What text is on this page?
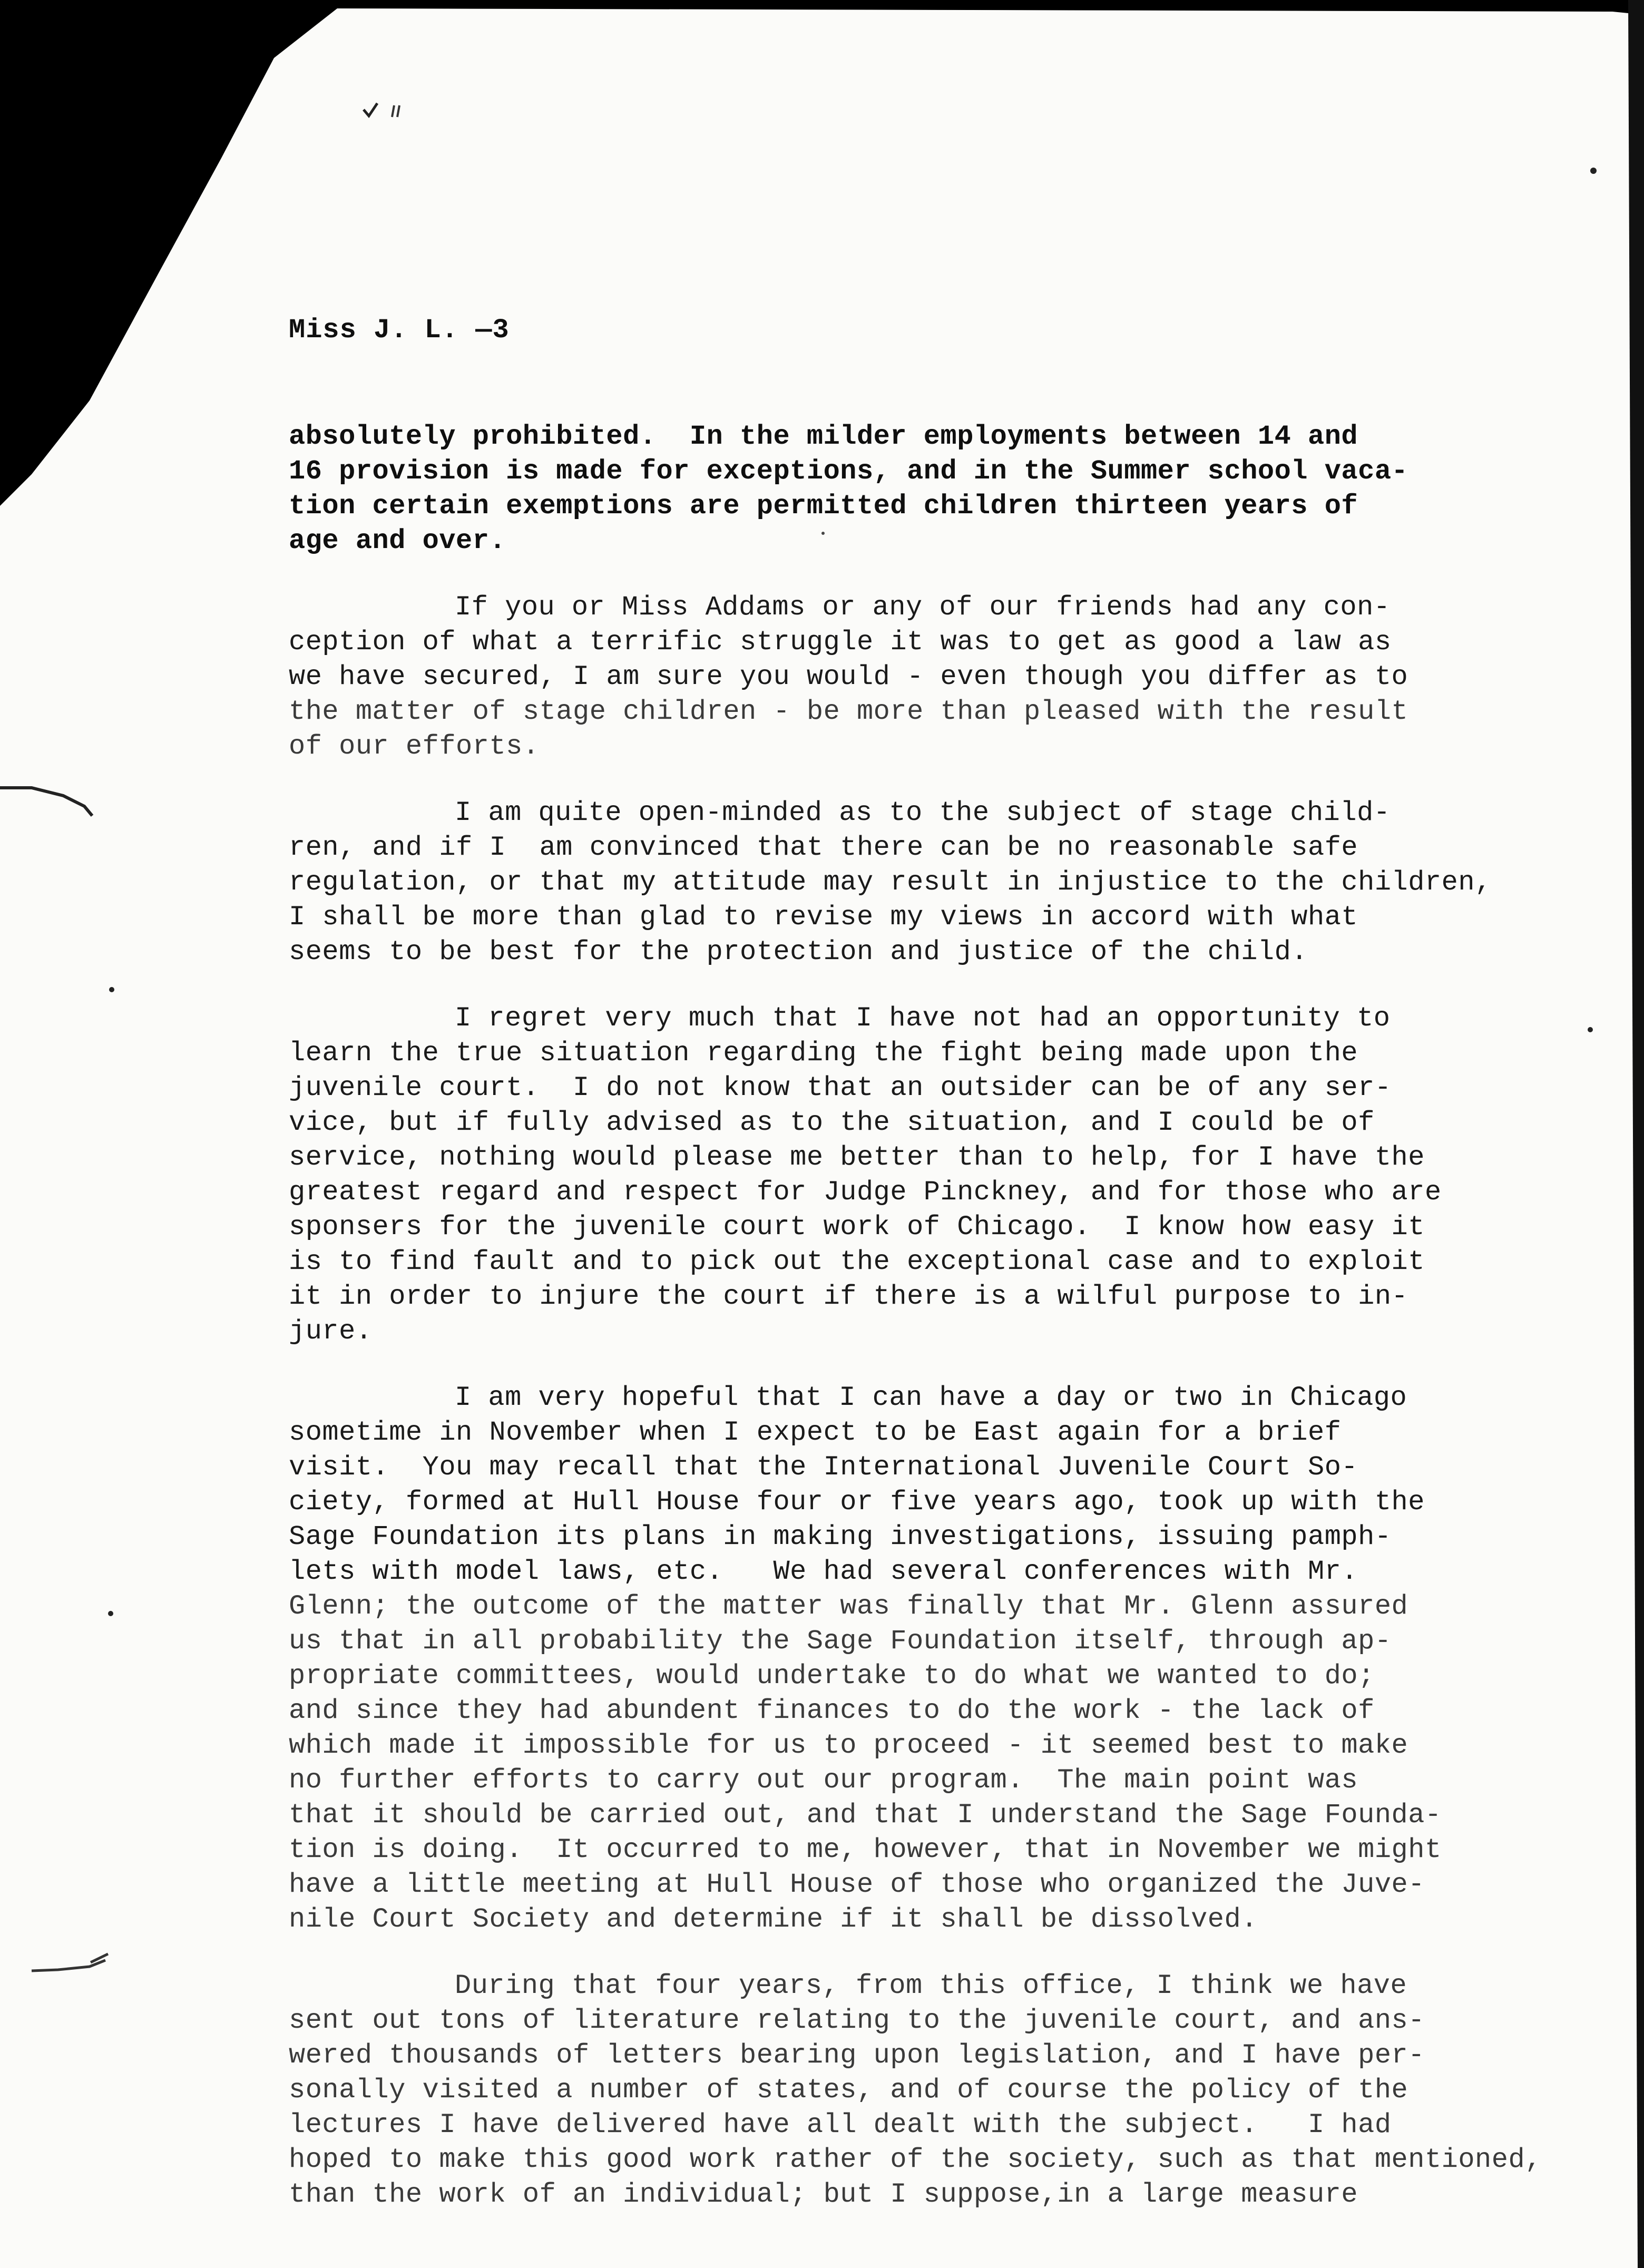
Miss J. L. —3

absolutely prohibited.  In the milder employments between 14 and
16 provision is made for exceptions, and in the Summer school vaca-
tion certain exemptions are permitted children thirteen years of
age and over.
If you or Miss Addams or any of our friends had any con-
ception of what a terrific struggle it was to get as good a law as
we have secured, I am sure you would - even though you differ as to
the matter of stage children - be more than pleased with the result
of our efforts.
I am quite open-minded as to the subject of stage child-
ren, and if I  am convinced that there can be no reasonable safe
regulation, or that my attitude may result in injustice to the children,
I shall be more than glad to revise my views in accord with what
seems to be best for the protection and justice of the child.
I regret very much that I have not had an opportunity to
learn the true situation regarding the fight being made upon the
juvenile court.  I do not know that an outsider can be of any ser-
vice, but if fully advised as to the situation, and I could be of
service, nothing would please me better than to help, for I have the
greatest regard and respect for Judge Pinckney, and for those who are
sponsers for the juvenile court work of Chicago.  I know how easy it
is to find fault and to pick out the exceptional case and to exploit
it in order to injure the court if there is a wilful purpose to in-
jure.
I am very hopeful that I can have a day or two in Chicago
sometime in November when I expect to be East again for a brief
visit.  You may recall that the International Juvenile Court So-
ciety, formed at Hull House four or five years ago, took up with the
Sage Foundation its plans in making investigations, issuing pamph-
lets with model laws, etc.   We had several conferences with Mr.
Glenn; the outcome of the matter was finally that Mr. Glenn assured
us that in all probability the Sage Foundation itself, through ap-
propriate committees, would undertake to do what we wanted to do;
and since they had abundent finances to do the work - the lack of
which made it impossible for us to proceed - it seemed best to make
no further efforts to carry out our program.  The main point was
that it should be carried out, and that I understand the Sage Founda-
tion is doing.  It occurred to me, however, that in November we might
have a little meeting at Hull House of those who organized the Juve-
nile Court Society and determine if it shall be dissolved.
During that four years, from this office, I think we have
sent out tons of literature relating to the juvenile court, and ans-
wered thousands of letters bearing upon legislation, and I have per-
sonally visited a number of states, and of course the policy of the
lectures I have delivered have all dealt with the subject.   I had
hoped to make this good work rather of the society, such as that mentioned,
than the work of an individual; but I suppose,in a large measure
